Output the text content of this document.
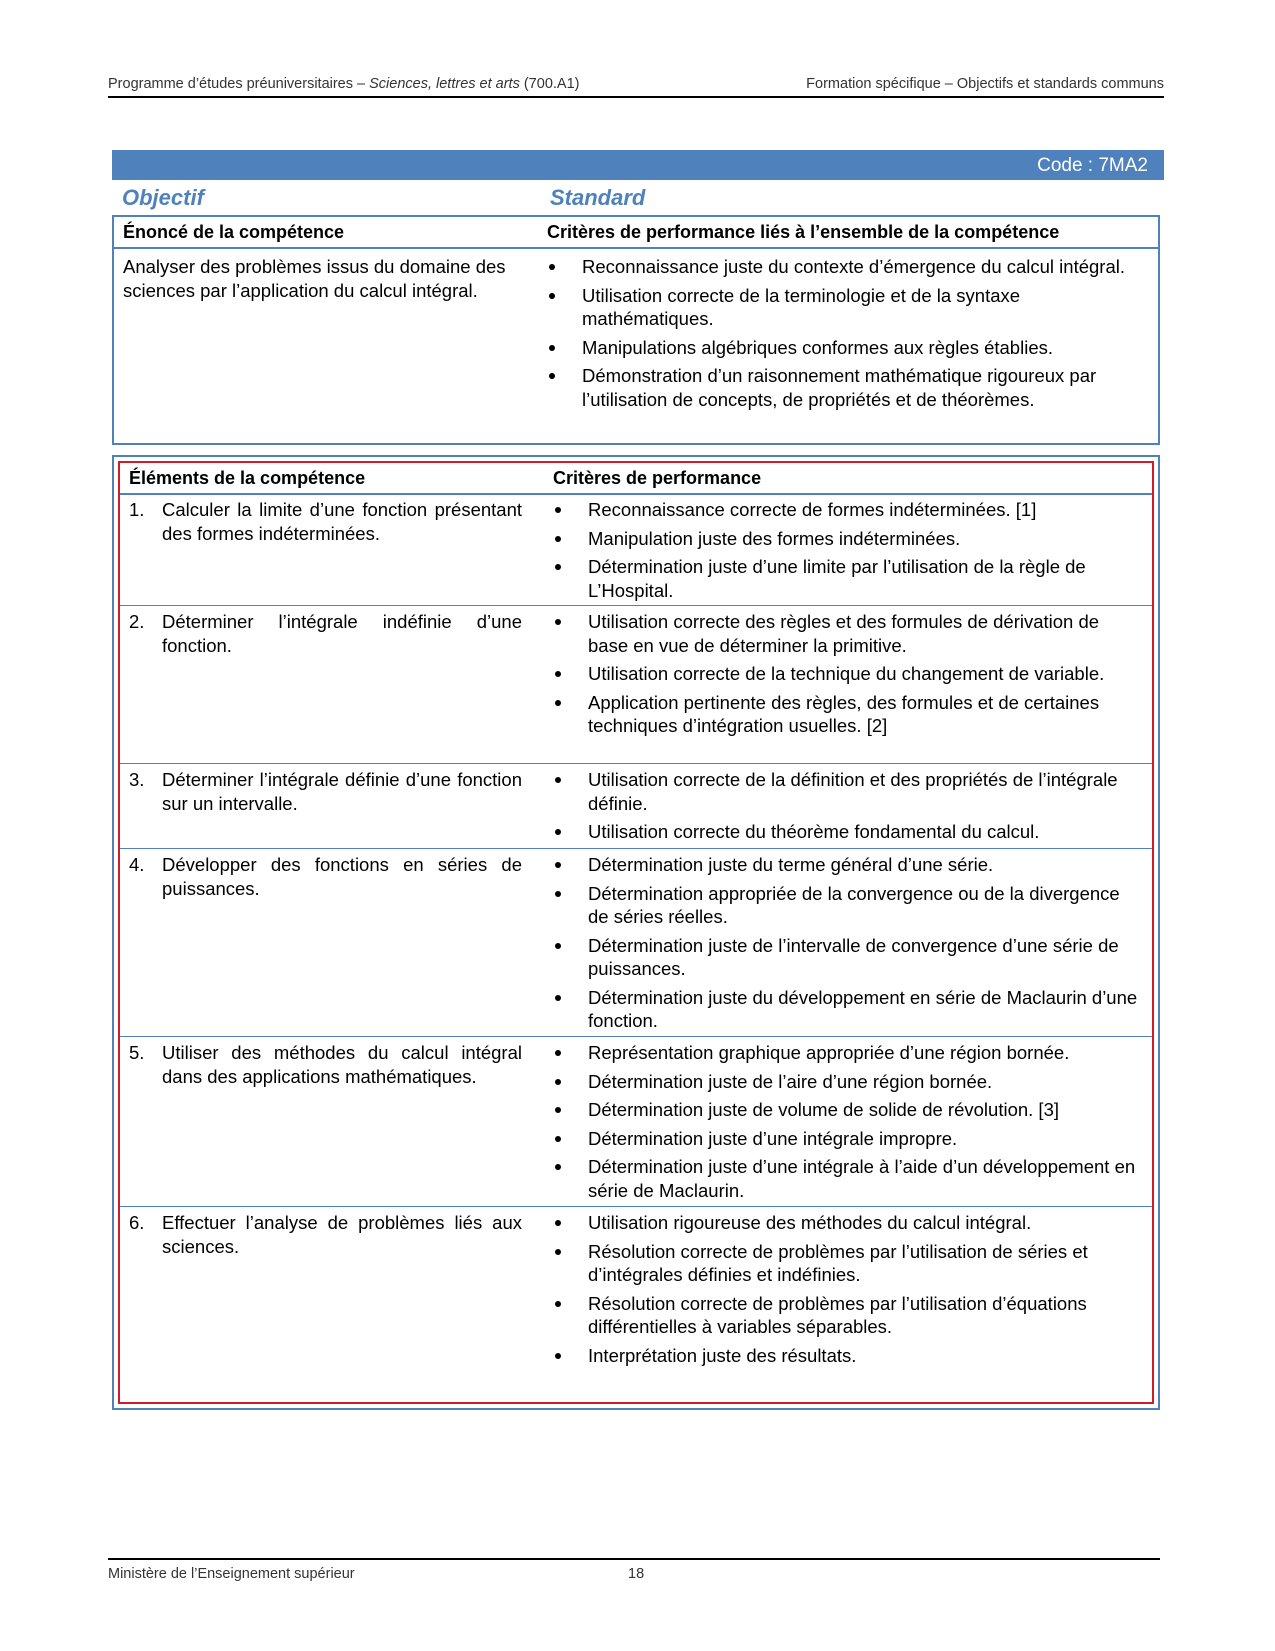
Programme d’études préuniversitaires – Sciences, lettres et arts (700.A1)	Formation spécifique – Objectifs et standards communs
Code : 7MA2
Objectif	Standard
Énoncé de la compétence	Critères de performance liés à l’ensemble de la compétence
Analyser des problèmes issus du domaine des sciences par l’application du calcul intégral.
Reconnaissance juste du contexte d’émergence du calcul intégral.
Utilisation correcte de la terminologie et de la syntaxe mathématiques.
Manipulations algébriques conformes aux règles établies.
Démonstration d’un raisonnement mathématique rigoureux par l’utilisation de concepts, de propriétés et de théorèmes.
Éléments de la compétence	Critères de performance
1. Calculer la limite d’une fonction présentant des formes indéterminées.
Reconnaissance correcte de formes indéterminées. [1]
Manipulation juste des formes indéterminées.
Détermination juste d’une limite par l’utilisation de la règle de L’Hospital.
2. Déterminer l’intégrale indéfinie d’une fonction.
Utilisation correcte des règles et des formules de dérivation de base en vue de déterminer la primitive.
Utilisation correcte de la technique du changement de variable.
Application pertinente des règles, des formules et de certaines techniques d’intégration usuelles. [2]
3. Déterminer l’intégrale définie d’une fonction sur un intervalle.
Utilisation correcte de la définition et des propriétés de l’intégrale définie.
Utilisation correcte du théorème fondamental du calcul.
4. Développer des fonctions en séries de puissances.
Détermination juste du terme général d’une série.
Détermination appropriée de la convergence ou de la divergence de séries réelles.
Détermination juste de l’intervalle de convergence d’une série de puissances.
Détermination juste du développement en série de Maclaurin d’une fonction.
5. Utiliser des méthodes du calcul intégral dans des applications mathématiques.
Représentation graphique appropriée d’une région bornée.
Détermination juste de l’aire d’une région bornée.
Détermination juste de volume de solide de révolution. [3]
Détermination juste d’une intégrale impropre.
Détermination juste d’une intégrale à l’aide d’un développement en série de Maclaurin.
6. Effectuer l’analyse de problèmes liés aux sciences.
Utilisation rigoureuse des méthodes du calcul intégral.
Résolution correcte de problèmes par l’utilisation de séries et d’intégrales définies et indéfinies.
Résolution correcte de problèmes par l’utilisation d’équations différentielles à variables séparables.
Interprétation juste des résultats.
Ministère de l’Enseignement supérieur	18
